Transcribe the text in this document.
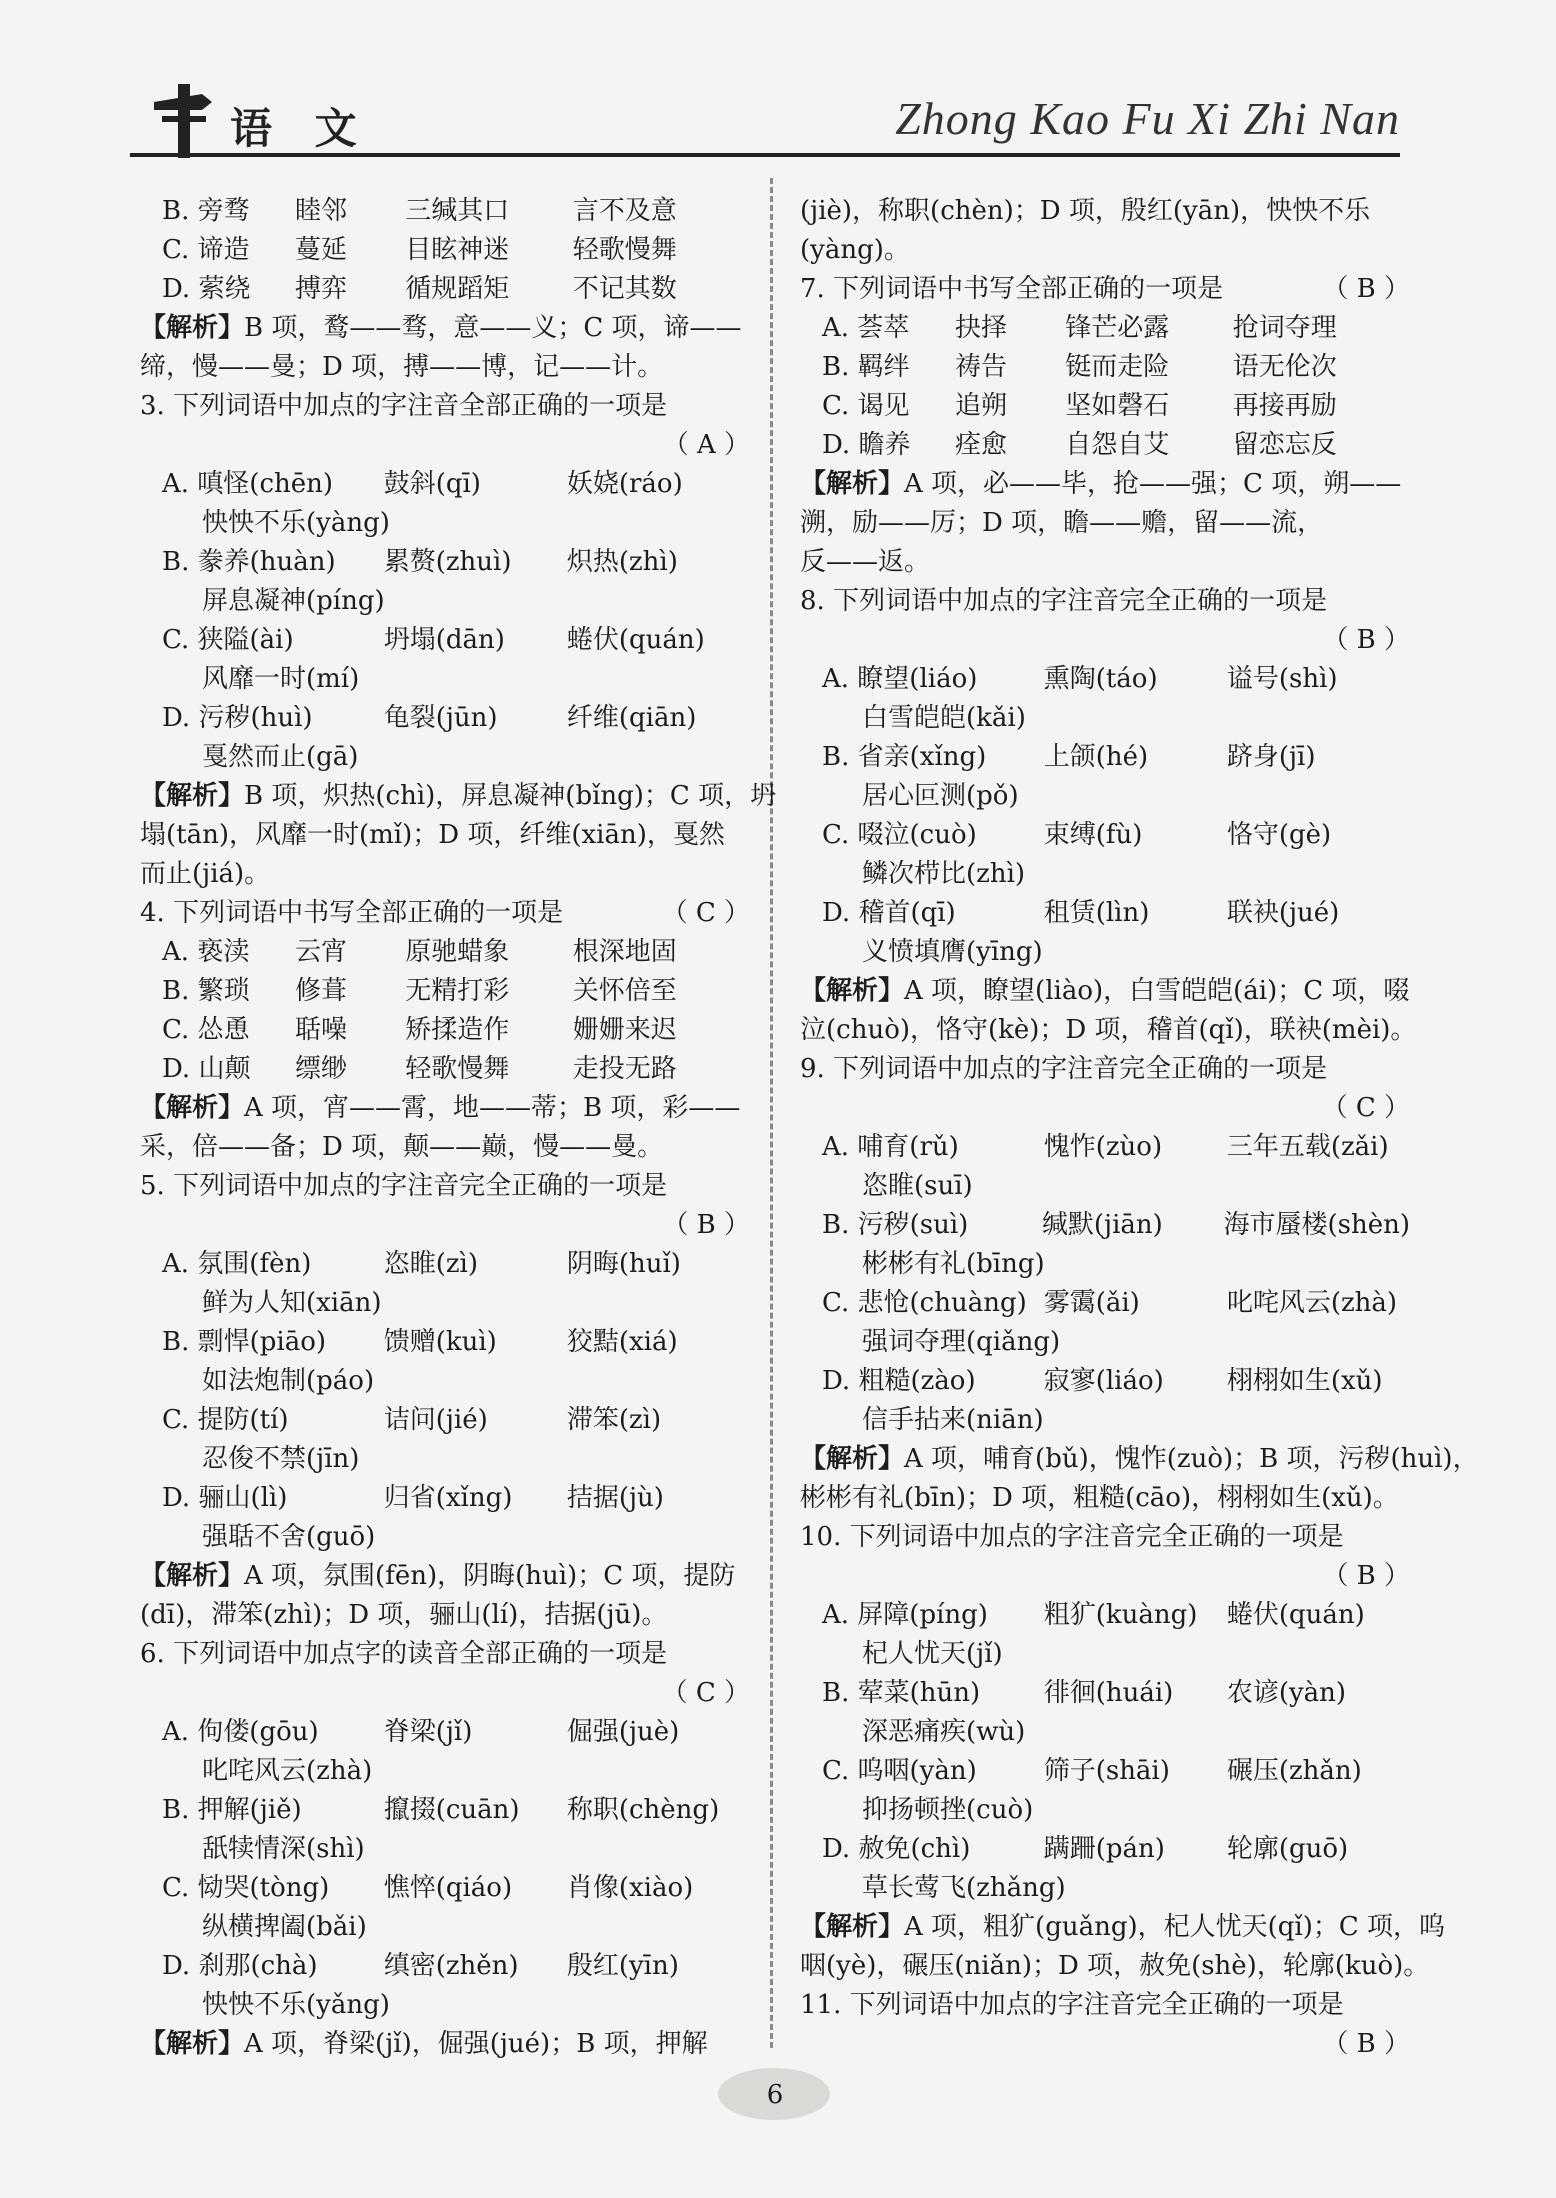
语 文	Zhong Kao Fu Xi Zhi Nan
B. 旁骛	睦邻	三缄其口	言不及意
C. 谛造	蔓延	目眩神迷	轻歌慢舞
D. 萦绕	搏弈	循规蹈矩	不记其数
【解析】B 项，鹜——骛，意——义；C 项，谛——
缔，慢——曼；D 项，搏——博，记——计。
3. 下列词语中加点的字注音全部正确的一项是
（ A ）
A. 嗔怪(chēn)	鼓斜(qī)	妖娆(ráo)
怏怏不乐(yàng)
B. 豢养(huàn)	累赘(zhuì)	炽热(zhì)
屏息凝神(píng)
C. 狭隘(ài)	坍塌(dān)	蜷伏(quán)
风靡一时(mí)
D. 污秽(huì)	龟裂(jūn)	纤维(qiān)
戛然而止(gā)
【解析】B 项，炽热(chì)，屏息凝神(bǐng)；C 项，坍
塌(tān)，风靡一时(mǐ)；D 项，纤维(xiān)，戛然
而止(jiá)。
4. 下列词语中书写全部正确的一项是	（ C ）
A. 亵渎	云宵	原驰蜡象	根深地固
B. 繁琐	修葺	无精打彩	关怀倍至
C. 怂恿	聒噪	矫揉造作	姗姗来迟
D. 山颠	缥缈	轻歌慢舞	走投无路
【解析】A 项，宵——霄，地——蒂；B 项，彩——
采，倍——备；D 项，颠——巅，慢——曼。
5. 下列词语中加点的字注音完全正确的一项是
（ B ）
A. 氛围(fèn)	恣睢(zì)	阴晦(huǐ)
鲜为人知(xiān)
B. 剽悍(piāo)	馈赠(kuì)	狡黠(xiá)
如法炮制(páo)
C. 提防(tí)	诘问(jié)	滞笨(zì)
忍俊不禁(jīn)
D. 骊山(lì)	归省(xǐng)	拮据(jù)
强聒不舍(guō)
【解析】A 项，氛围(fēn)，阴晦(huì)；C 项，提防
(dī)，滞笨(zhì)；D 项，骊山(lí)，拮据(jū)。
6. 下列词语中加点字的读音全部正确的一项是
（ C ）
A. 佝偻(gōu)	脊梁(jǐ)	倔强(juè)
叱咤风云(zhà)
B. 押解(jiě)	攛掇(cuān)	称职(chèng)
舐犊情深(shì)
C. 恸哭(tòng)	憔悴(qiáo)	肖像(xiào)
纵横捭阖(bǎi)
D. 刹那(chà)	缜密(zhěn)	殷红(yīn)
怏怏不乐(yǎng)
【解析】A 项，脊梁(jǐ)，倔强(jué)；B 项，押解
(jiè)，称职(chèn)；D 项，殷红(yān)，怏怏不乐
(yàng)。
7. 下列词语中书写全部正确的一项是	（ B ）
A. 荟萃	抉择	锋芒必露	抢词夺理
B. 羁绊	祷告	铤而走险	语无伦次
C. 谒见	追朔	坚如磬石	再接再励
D. 瞻养	痊愈	自怨自艾	留恋忘反
【解析】A 项，必——毕，抢——强；C 项，朔——
溯，励——厉；D 项，瞻——赡，留——流，
反——返。
8. 下列词语中加点的字注音完全正确的一项是
（ B ）
A. 瞭望(liáo)	熏陶(táo)	谥号(shì)
白雪皑皑(kǎi)
B. 省亲(xǐng)	上颌(hé)	跻身(jī)
居心叵测(pǒ)
C. 啜泣(cuò)	束缚(fù)	恪守(gè)
鳞次栉比(zhì)
D. 稽首(qī)	租赁(lìn)	联袂(jué)
义愤填膺(yīng)
【解析】A 项，瞭望(liào)，白雪皑皑(ái)；C 项，啜
泣(chuò)，恪守(kè)；D 项，稽首(qǐ)，联袂(mèi)。
9. 下列词语中加点的字注音完全正确的一项是
（ C ）
A. 哺育(rǔ)	愧怍(zùo)	三年五载(zǎi)
恣睢(suī)
B. 污秽(suì)	缄默(jiān)	海市蜃楼(shèn)
彬彬有礼(bīng)
C. 悲怆(chuàng) 雾霭(ǎi)	叱咤风云(zhà)
强词夺理(qiǎng)
D. 粗糙(zào)	寂寥(liáo)	栩栩如生(xǔ)
信手拈来(niān)
【解析】A 项，哺育(bǔ)，愧怍(zuò)；B 项，污秽(huì)，
彬彬有礼(bīn)；D 项，粗糙(cāo)，栩栩如生(xǔ)。
10. 下列词语中加点的字注音完全正确的一项是
（ B ）
A. 屏障(píng)	粗犷(kuàng)	蜷伏(quán)
杞人忧天(jǐ)
B. 荤菜(hūn)	徘徊(huái)	农谚(yàn)
深恶痛疾(wù)
C. 呜咽(yàn)	筛子(shāi)	碾压(zhǎn)
抑扬顿挫(cuò)
D. 赦免(chì)	蹒跚(pán)	轮廓(guō)
草长莺飞(zhǎng)
【解析】A 项，粗犷(guǎng)，杞人忧天(qǐ)；C 项，呜
咽(yè)，碾压(niǎn)；D 项，赦免(shè)，轮廓(kuò)。
11. 下列词语中加点的字注音完全正确的一项是
（ B ）
6
